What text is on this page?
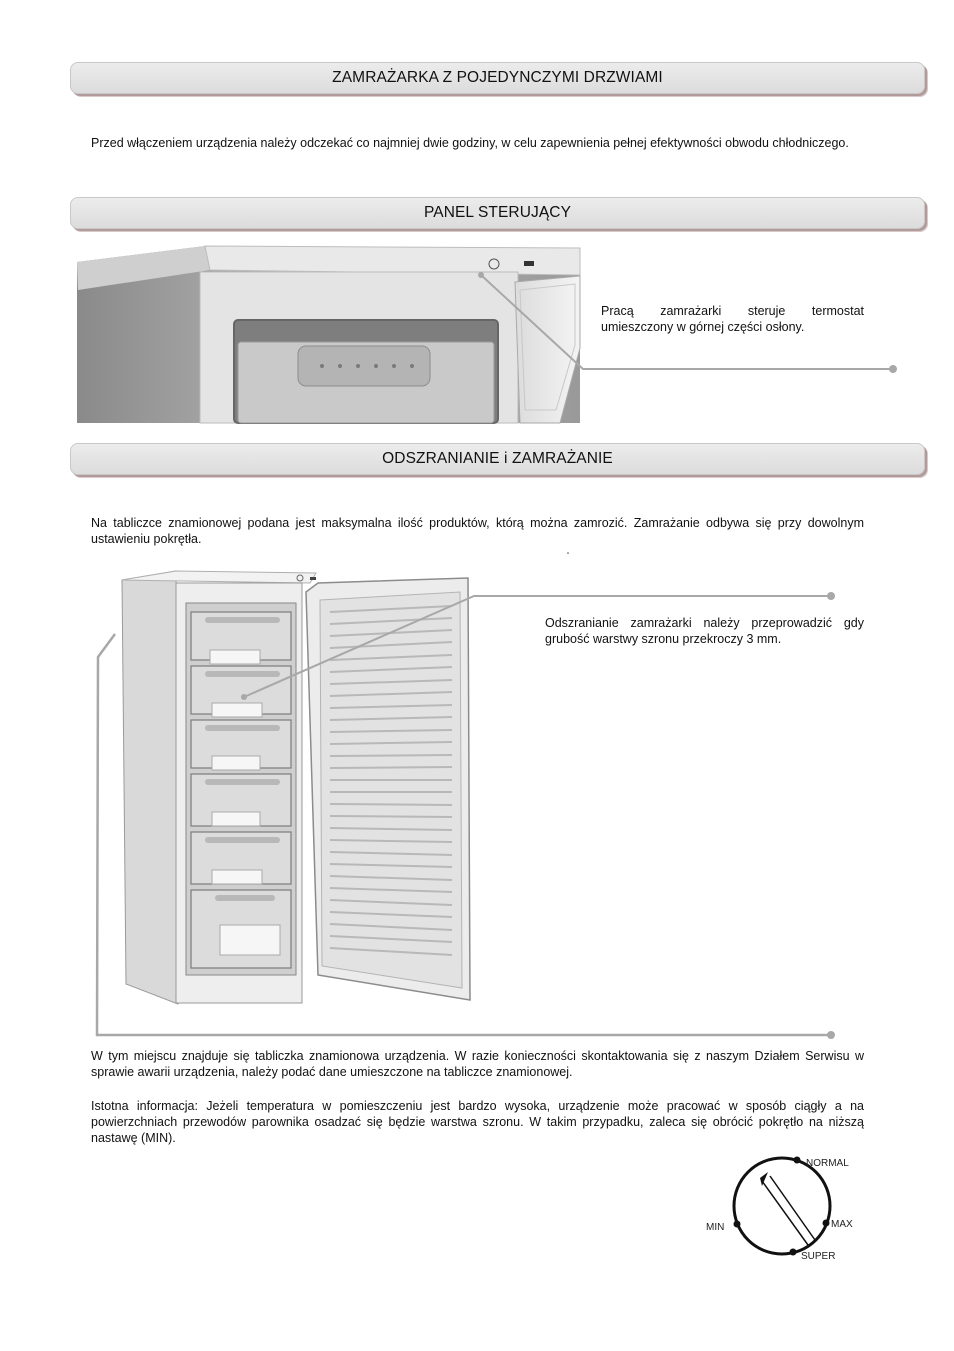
ZAMRAŻARKA Z POJEDYNCZYMI DRZWIAMI
PANEL STERUJĄCY
ODSZRANIANIE i ZAMRAŻANIE
Przed włączeniem urządzenia należy odczekać co najmniej dwie godziny, w celu zapewnienia pełnej efektywności obwodu chłodniczego.
Pracą zamrażarki steruje termostat umieszczony w górnej części osłony.
Na tabliczce znamionowej podana jest maksymalna ilość produktów, którą można zamrozić. Zamrażanie odbywa się przy dowolnym ustawieniu pokrętła.
Odszranianie zamrażarki należy przeprowadzić gdy grubość warstwy szronu przekroczy 3 mm.
W tym miejscu znajduje się tabliczka znamionowa urządzenia. W razie konieczności skontaktowania się z naszym Działem Serwisu w sprawie awarii urządzenia, należy podać dane umieszczone na tabliczce znamionowej.
Istotna informacja: Jeżeli temperatura w pomieszczeniu jest bardzo wysoka, urządzenie może pracować w sposób ciągły a na powierzchniach przewodów parownika osadzać się będzie warstwa szronu. W takim przypadku, zaleca się obrócić pokrętło na niższą nastawę (MIN).
NORMAL
MAX
SUPER
MIN
